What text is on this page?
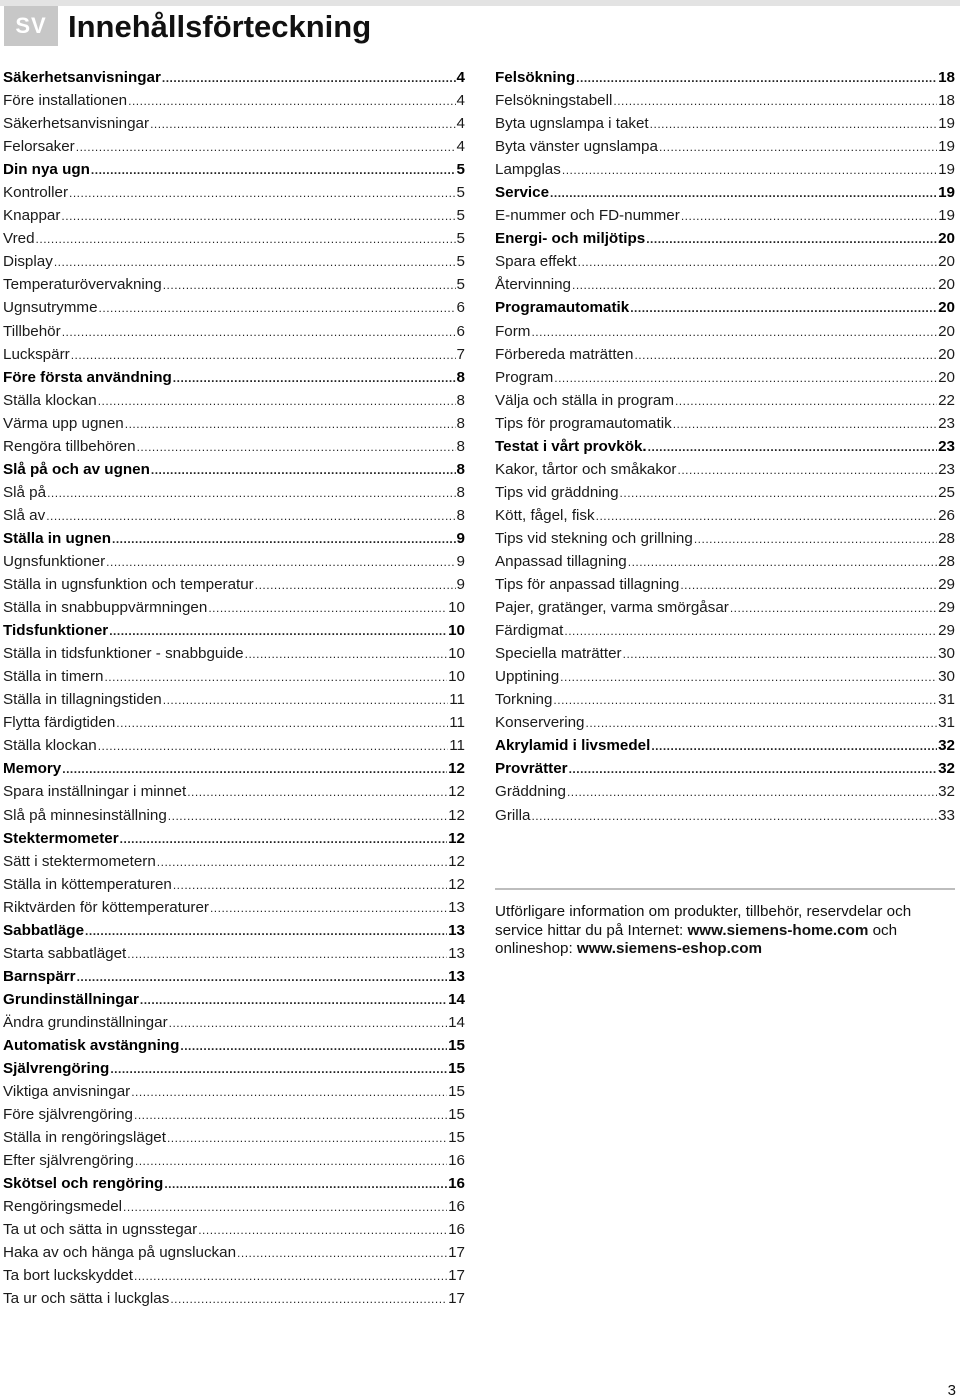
SV Innehållsförteckning
Säkerhetsanvisningar .....	4
Före installationen .....	4
Säkerhetsanvisningar .....	4
Felorsaker .....	4
Din nya ugn .....	5
Kontroller .....	5
Knappar .....	5
Vred .....	5
Display .....	5
Temperaturövervakning .....	5
Ugnsutrymme .....	6
Tillbehör .....	6
Luckspärr .....	7
Före första användning .....	8
Ställa klockan .....	8
Värma upp ugnen .....	8
Rengöra tillbehören .....	8
Slå på och av ugnen .....	8
Slå på .....	8
Slå av .....	8
Ställa in ugnen .....	9
Ugnsfunktioner .....	9
Ställa in ugnsfunktion och temperatur .....	9
Ställa in snabbuppvärmningen .....	10
Tidsfunktioner .....	10
Ställa in tidsfunktioner - snabbguide .....	10
Ställa in timern .....	10
Ställa in tillagningstiden .....	11
Flytta färdigtiden .....	11
Ställa klockan .....	11
Memory .....	12
Spara inställningar i minnet .....	12
Slå på minnesinställning .....	12
Stektermometer .....	12
Sätt i stektermometern .....	12
Ställa in köttemperaturen .....	12
Riktvärden för köttemperaturer .....	13
Sabbatläge .....	13
Starta sabbatläget .....	13
Barnspärr .....	13
Grundinställningar .....	14
Ändra grundinställningar .....	14
Automatisk avstängning .....	15
Självrengöring .....	15
Viktiga anvisningar .....	15
Före självrengöring .....	15
Ställa in rengöringsläget .....	15
Efter självrengöring .....	16
Skötsel och rengöring .....	16
Rengöringsmedel .....	16
Ta ut och sätta in ugnsstegar .....	16
Haka av och hänga på ugnsluckan .....	17
Ta bort luckskyddet .....	17
Ta ur och sätta i luckglas .....	17
Felsökning .....	18
Felsökningstabell .....	18
Byta ugnslampa i taket .....	19
Byta vänster ugnslampa .....	19
Lampglas .....	19
Service .....	19
E-nummer och FD-nummer .....	19
Energi- och miljötips .....	20
Spara effekt .....	20
Återvinning .....	20
Programautomatik .....	20
Form .....	20
Förbereda maträtten .....	20
Program .....	20
Välja och ställa in program .....	22
Tips för programautomatik .....	23
Testat i vårt provkök. .....	23
Kakor, tårtor och småkakor .....	23
Tips vid gräddning .....	25
Kött, fågel, fisk .....	26
Tips vid stekning och grillning .....	28
Anpassad tillagning .....	28
Tips för anpassad tillagning .....	29
Pajer, gratänger, varma smörgåsar .....	29
Färdigmat .....	29
Speciella maträtter .....	30
Upptining .....	30
Torkning .....	31
Konservering .....	31
Akrylamid i livsmedel .....	32
Provrätter .....	32
Gräddning .....	32
Grilla .....	33
Utförligare information om produkter, tillbehör, reservdelar och service hittar du på Internet: www.siemens-home.com och onlineshop: www.siemens-eshop.com
3
